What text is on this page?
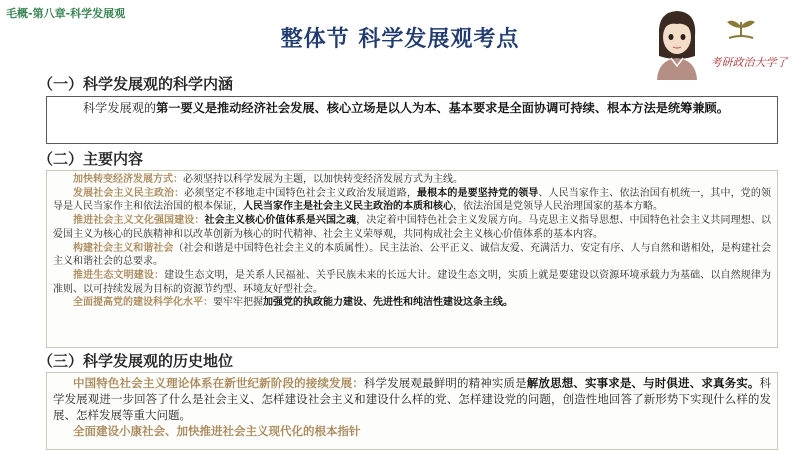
毛概-第八章-科学发展观
整体节 科学发展观考点
考研政治大学了
（一）科学发展观的科学内涵

科学发展观的第一要义是推动经济社会发展、核心立场是以人为本、基本要求是全面协调可持续、根本方法是统筹兼顾。

（二）主要内容

加快转变经济发展方式：必须坚持以科学发展为主题，以加快转变经济发展方式为主线。

发展社会主义民主政治：必须坚定不移地走中国特色社会主义政治发展道路，最根本的是要坚持党的领导、人民当家作主、依法治国有机统一，其中，党的领导是人民当家作主和依法治国的根本保证，人民当家作主是社会主义民主政治的本质和核心，依法治国是党领导人民治理国家的基本方略。

推进社会主义文化强国建设：社会主义核心价值体系是兴国之魂，决定着中国特色社会主义发展方向。马克思主义指导思想、中国特色社会主义共同理想、以爱国主义为核心的民族精神和以改革创新为核心的时代精神、社会主义荣辱观，共同构成社会主义核心价值体系的基本内容。

构建社会主义和谐社会（社会和谐是中国特色社会主义的本质属性）。民主法治、公平正义、诚信友爱、充满活力、安定有序、人与自然和谐相处，是构建社会主义和谐社会的总要求。

推进生态文明建设：建设生态文明，是关系人民福祉、关乎民族未来的长远大计。建设生态文明，实质上就是要建设以资源环境承载力为基础、以自然规律为准则、以可持续发展为目标的资源节约型、环境友好型社会。

全面提高党的建设科学化水平：要牢牢把握加强党的执政能力建设、先进性和纯洁性建设这条主线。

（三）科学发展观的历史地位

中国特色社会主义理论体系在新世纪新阶段的接续发展：科学发展观最鲜明的精神实质是解放思想、实事求是、与时俱进、求真务实。科学发展观进一步回答了什么是社会主义、怎样建设社会主义和建设什么样的党、怎样建设党的问题，创造性地回答了新形势下实现什么样的发展、怎样发展等重大问题。

全面建设小康社会、加快推进社会主义现代化的根本指针
